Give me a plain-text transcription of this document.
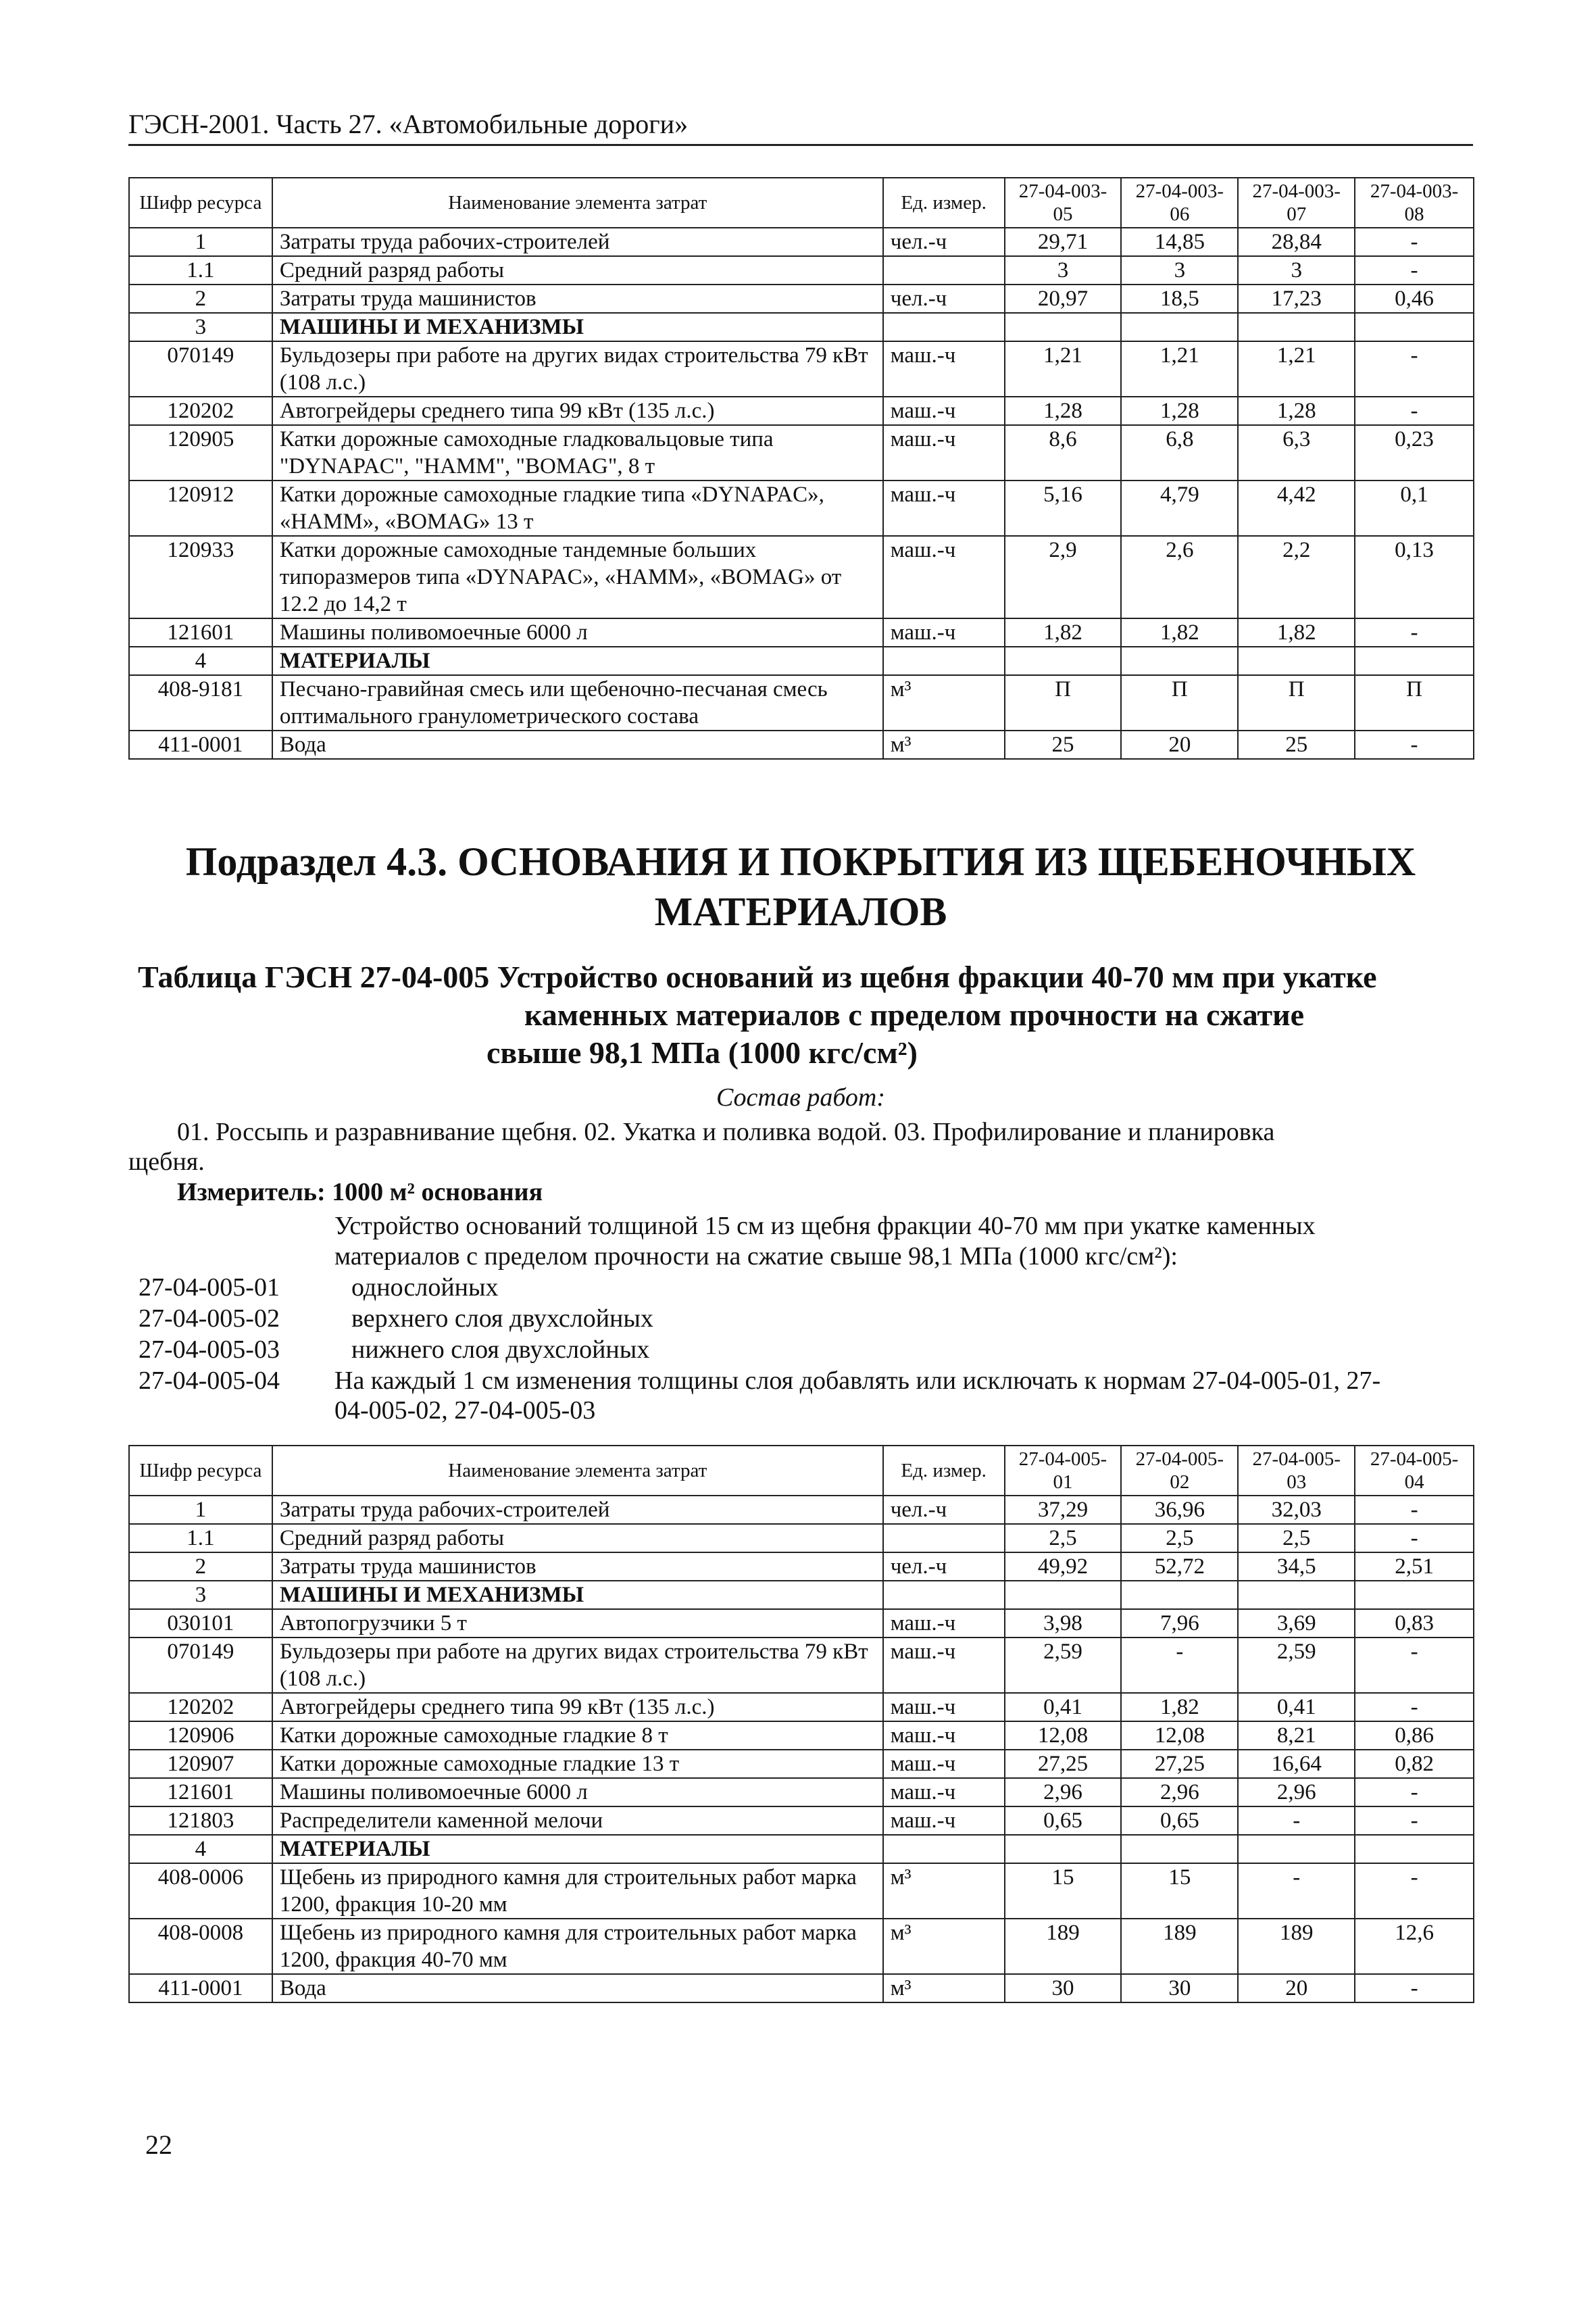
ГЭСН-2001. Часть 27. «Автомобильные дороги»
Шифр ресурса	Наименование элемента затрат	Ед. измер.	27-04-003-05	27-04-003-06	27-04-003-07	27-04-003-08
1	Затраты труда рабочих-строителей	чел.-ч	29,71	14,85	28,84	-
1.1	Средний разряд работы		3	3	3	-
2	Затраты труда машинистов	чел.-ч	20,97	18,5	17,23	0,46
3	МАШИНЫ И МЕХАНИЗМЫ					
070149	Бульдозеры при работе на других видах строительства 79 кВт (108 л.с.)	маш.-ч	1,21	1,21	1,21	-
120202	Автогрейдеры среднего типа 99 кВт (135 л.с.)	маш.-ч	1,28	1,28	1,28	-
120905	Катки дорожные самоходные гладковальцовые типа "DYNAPAC", "HAMM", "BOMAG", 8 т	маш.-ч	8,6	6,8	6,3	0,23
120912	Катки дорожные самоходные гладкие типа «DYNAPAC», «HAMM», «BOMAG» 13 т	маш.-ч	5,16	4,79	4,42	0,1
120933	Катки дорожные самоходные тандемные больших типоразмеров типа «DYNAPAC», «HAMM», «BOMAG» от 12.2 до 14,2 т	маш.-ч	2,9	2,6	2,2	0,13
121601	Машины поливомоечные 6000 л	маш.-ч	1,82	1,82	1,82	-
4	МАТЕРИАЛЫ					
408-9181	Песчано-гравийная смесь или щебеночно-песчаная смесь оптимального гранулометрического состава	м³	П	П	П	П
411-0001	Вода	м³	25	20	25	-
Подраздел 4.3. ОСНОВАНИЯ И ПОКРЫТИЯ ИЗ ЩЕБЕНОЧНЫХ
МАТЕРИАЛОВ
Таблица ГЭСН 27-04-005 Устройство оснований из щебня фракции 40-70 мм при укатке
каменных материалов с пределом прочности на сжатие
свыше 98,1 МПа (1000 кгс/см²)
Состав работ:
01. Россыпь и разравнивание щебня. 02. Укатка и поливка водой. 03. Профилирование и планировка
щебня.
Измеритель: 1000 м² основания
Устройство оснований толщиной 15 см из щебня фракции 40-70 мм при укатке каменных
материалов с пределом прочности на сжатие свыше 98,1 МПа (1000 кгс/см²):
27-04-005-01	однослойных
27-04-005-02	верхнего слоя двухслойных
27-04-005-03	нижнего слоя двухслойных
27-04-005-04 На каждый 1 см изменения толщины слоя добавлять или исключать к нормам 27-04-005-01, 27-
04-005-02, 27-04-005-03
Шифр ресурса	Наименование элемента затрат	Ед. измер.	27-04-005-01	27-04-005-02	27-04-005-03	27-04-005-04
1	Затраты труда рабочих-строителей	чел.-ч	37,29	36,96	32,03	-
1.1	Средний разряд работы		2,5	2,5	2,5	-
2	Затраты труда машинистов	чел.-ч	49,92	52,72	34,5	2,51
3	МАШИНЫ И МЕХАНИЗМЫ					
030101	Автопогрузчики 5 т	маш.-ч	3,98	7,96	3,69	0,83
070149	Бульдозеры при работе на других видах строительства 79 кВт (108 л.с.)	маш.-ч	2,59	-	2,59	-
120202	Автогрейдеры среднего типа 99 кВт (135 л.с.)	маш.-ч	0,41	1,82	0,41	-
120906	Катки дорожные самоходные гладкие 8 т	маш.-ч	12,08	12,08	8,21	0,86
120907	Катки дорожные самоходные гладкие 13 т	маш.-ч	27,25	27,25	16,64	0,82
121601	Машины поливомоечные 6000 л	маш.-ч	2,96	2,96	2,96	-
121803	Распределители каменной мелочи	маш.-ч	0,65	0,65	-	-
4	МАТЕРИАЛЫ					
408-0006	Щебень из природного камня для строительных работ марка 1200, фракция 10-20 мм	м³	15	15	-	-
408-0008	Щебень из природного камня для строительных работ марка 1200, фракция 40-70 мм	м³	189	189	189	12,6
411-0001	Вода	м³	30	30	20	-
22
